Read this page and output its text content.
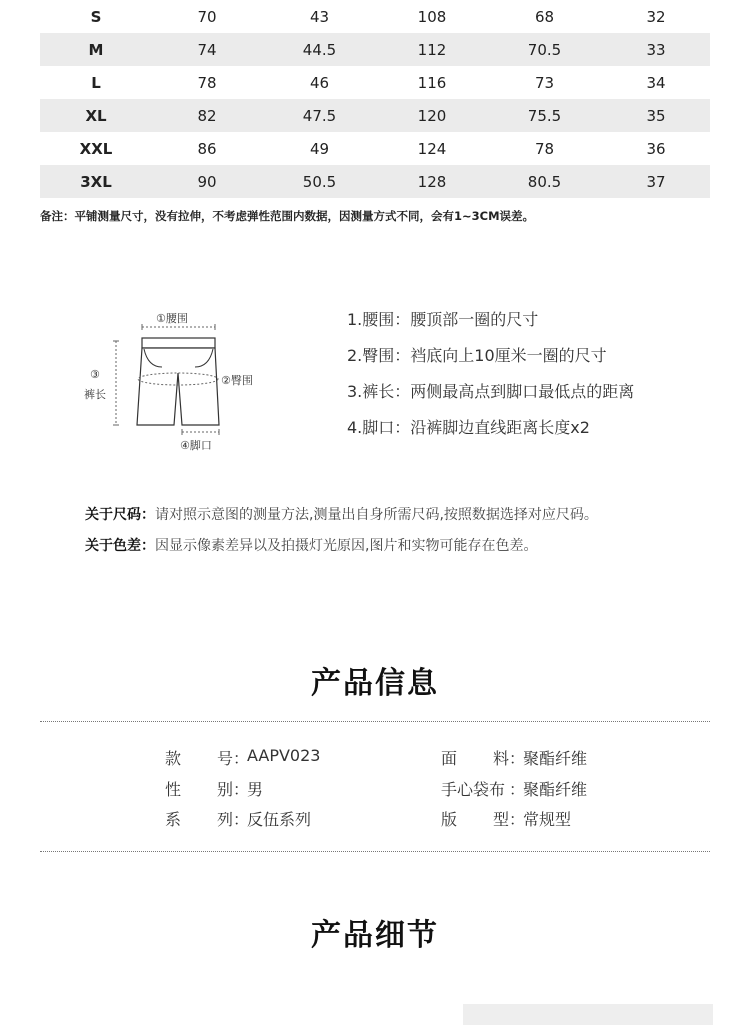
S	70	43	108	68	32
M	74	44.5	112	70.5	33
L	78	46	116	73	34
XL	82	47.5	120	75.5	35
XXL	86	49	124	78	36
3XL	90	50.5	128	80.5	37
备注：平铺测量尺寸，没有拉伸，不考虑弹性范围内数据，因测量方式不同，会有1~3CM误差。
①腰围
②臀围
③
裤长
④脚口
1.腰围：腰顶部一圈的尺寸
2.臀围：裆底向上10厘米一圈的尺寸
3.裤长：两侧最高点到脚口最低点的距离
4.脚口：沿裤脚边直线距离长度x2
关于尺码：请对照示意图的测量方法,测量出自身所需尺码,按照数据选择对应尺码。
关于色差：因显示像素差异以及拍摄灯光原因,图片和实物可能存在色差。
产品信息
款 号 ：
AAPV023
性 别 ：
男
系 列 ：
反伍系列
面 料 ：
聚酯纤维
手心袋布 ：
聚酯纤维
版 型 ：
常规型
产品细节
